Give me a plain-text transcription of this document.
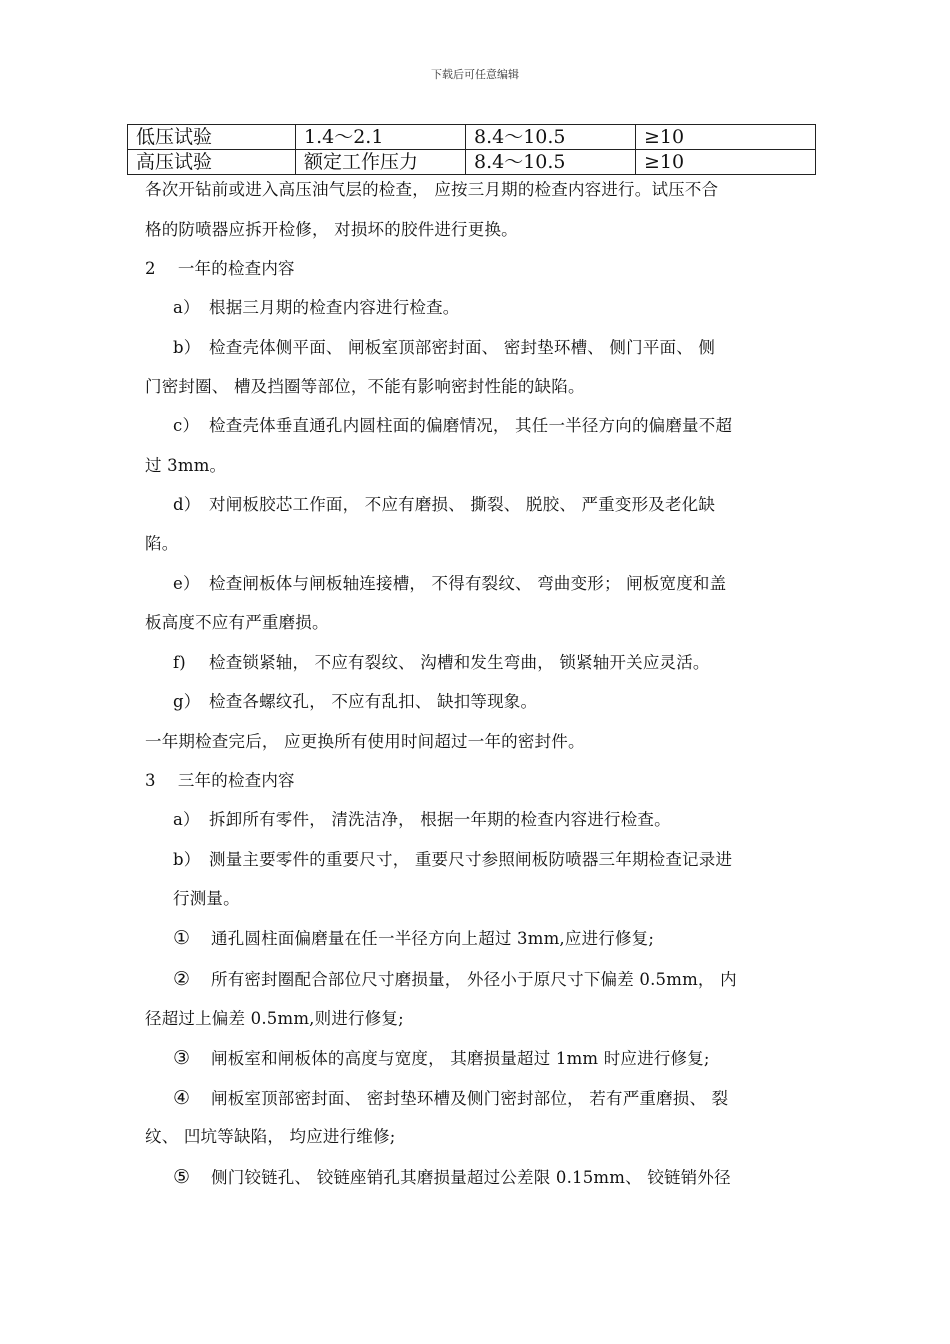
下载后可任意编辑
低压试验	1.4～2.1	8.4～10.5	≥10
高压试验	额定工作压力	8.4～10.5	≥10
各次开钻前或进入高压油气层的检查， 应按三月期的检查内容进行。试压不合
格的防喷器应拆开检修， 对损坏的胶件进行更换。
2　 一年的检查内容
a） 根据三月期的检查内容进行检查。
b） 检查壳体侧平面、 闸板室顶部密封面、 密封垫环槽、 侧门平面、 侧
门密封圈、 槽及挡圈等部位，不能有影响密封性能的缺陷。
c） 检查壳体垂直通孔内圆柱面的偏磨情况， 其任一半径方向的偏磨量不超
过 3mm。
d） 对闸板胶芯工作面， 不应有磨损、 撕裂、 脱胶、 严重变形及老化缺
陷。
e） 检查闸板体与闸板轴连接槽， 不得有裂纹、 弯曲变形； 闸板宽度和盖
板高度不应有严重磨损。
f) 检查锁紧轴， 不应有裂纹、 沟槽和发生弯曲， 锁紧轴开关应灵活。
g） 检查各螺纹孔， 不应有乱扣、 缺扣等现象。
一年期检查完后， 应更换所有使用时间超过一年的密封件。
3　 三年的检查内容
a） 拆卸所有零件， 清洗洁净， 根据一年期的检查内容进行检查。
b） 测量主要零件的重要尺寸， 重要尺寸参照闸板防喷器三年期检查记录进
行测量。
① 通孔圆柱面偏磨量在任一半径方向上超过 3mm,应进行修复;
② 所有密封圈配合部位尺寸磨损量， 外径小于原尺寸下偏差 0.5mm， 内
径超过上偏差 0.5mm,则进行修复;
③ 闸板室和闸板体的高度与宽度， 其磨损量超过 1mm 时应进行修复;
④ 闸板室顶部密封面、 密封垫环槽及侧门密封部位， 若有严重磨损、 裂
纹、 凹坑等缺陷， 均应进行维修;
⑤ 侧门铰链孔、 铰链座销孔其磨损量超过公差限 0.15mm、 铰链销外径
